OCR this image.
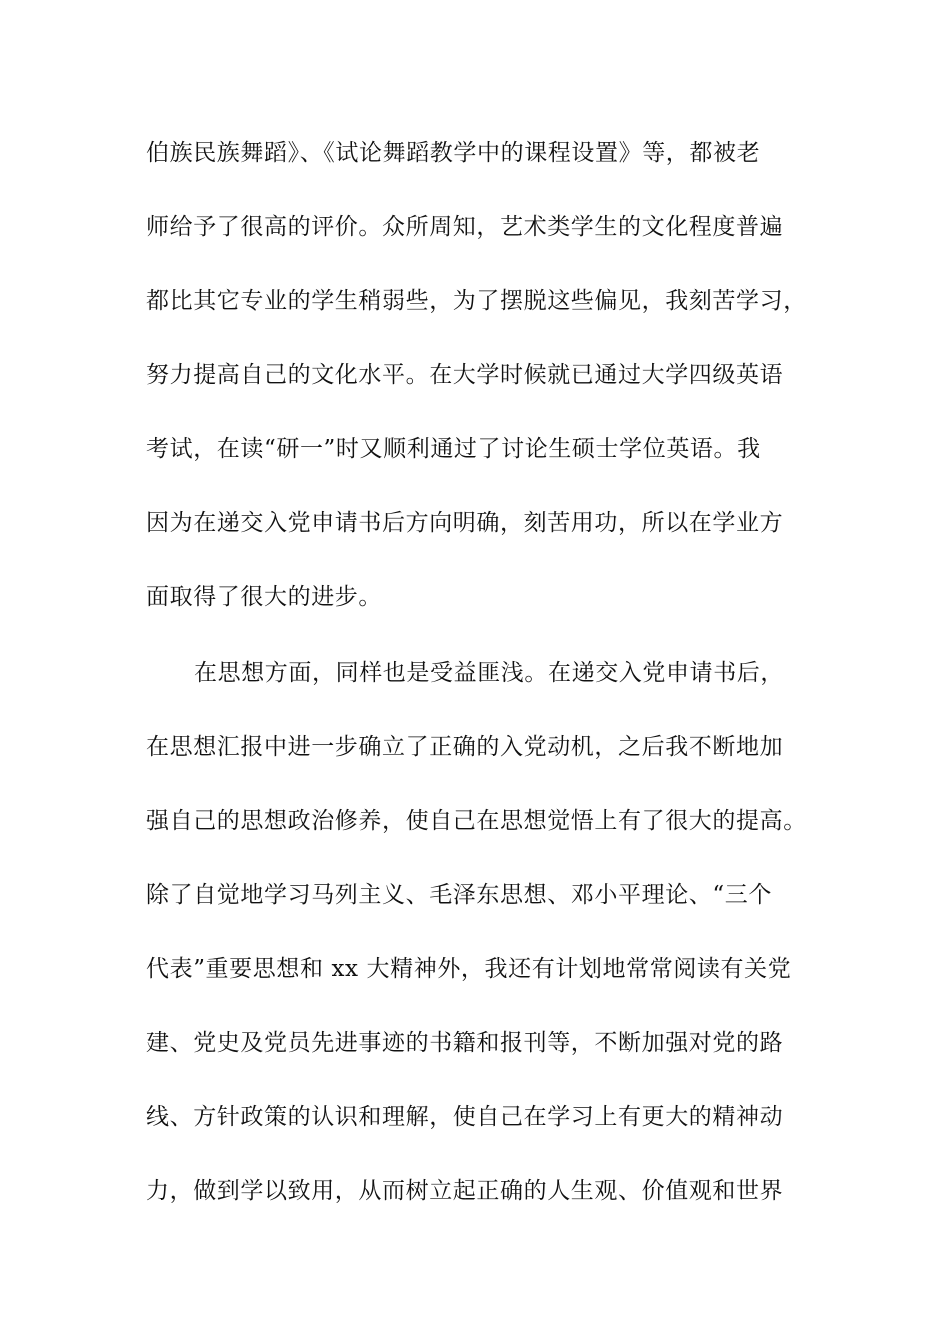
伯族民族舞蹈》、《试论舞蹈教学中的课程设置》等，都被老
师给予了很高的评价。众所周知，艺术类学生的文化程度普遍
都比其它专业的学生稍弱些，为了摆脱这些偏见，我刻苦学习，
努力提高自己的文化水平。在大学时候就已通过大学四级英语
考试，在读“研一”时又顺利通过了讨论生硕士学位英语。我
因为在递交入党申请书后方向明确，刻苦用功，所以在学业方
面取得了很大的进步。
在思想方面，同样也是受益匪浅。在递交入党申请书后，
在思想汇报中进一步确立了正确的入党动机，之后我不断地加
强自己的思想政治修养，使自己在思想觉悟上有了很大的提高。
除了自觉地学习马列主义、毛泽东思想、邓小平理论、“三个
代表”重要思想和 xx 大精神外，我还有计划地常常阅读有关党
建、党史及党员先进事迹的书籍和报刊等，不断加强对党的路
线、方针政策的认识和理解，使自己在学习上有更大的精神动
力，做到学以致用，从而树立起正确的人生观、价值观和世界
